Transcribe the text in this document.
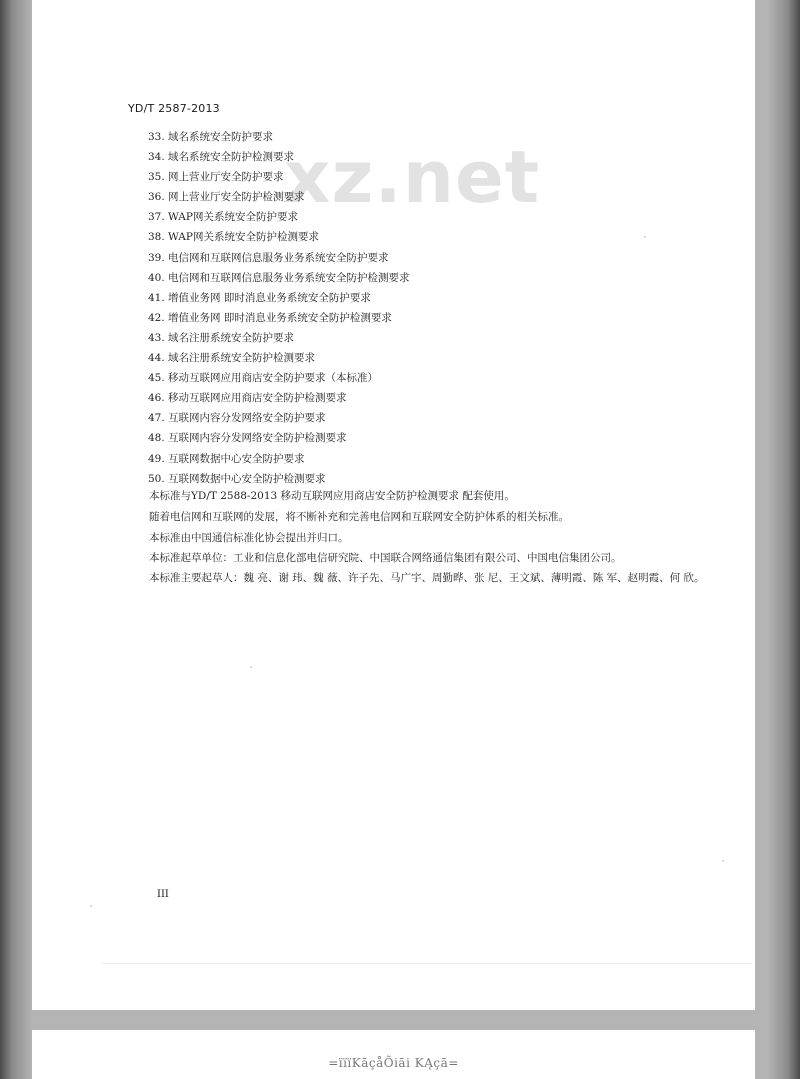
xz.net
YD/T 2587-2013
33. 域名系统安全防护要求
34. 域名系统安全防护检测要求
35. 网上营业厅安全防护要求
36. 网上营业厅安全防护检测要求
37. WAP网关系统安全防护要求
38. WAP网关系统安全防护检测要求
39. 电信网和互联网信息服务业务系统安全防护要求
40. 电信网和互联网信息服务业务系统安全防护检测要求
41. 增值业务网 即时消息业务系统安全防护要求
42. 增值业务网 即时消息业务系统安全防护检测要求
43. 域名注册系统安全防护要求
44. 域名注册系统安全防护检测要求
45. 移动互联网应用商店安全防护要求（本标准）
46. 移动互联网应用商店安全防护检测要求
47. 互联网内容分发网络安全防护要求
48. 互联网内容分发网络安全防护检测要求
49. 互联网数据中心安全防护要求
50. 互联网数据中心安全防护检测要求

本标准与YD/T 2588-2013 移动互联网应用商店安全防护检测要求 配套使用。

随着电信网和互联网的发展，将不断补充和完善电信网和互联网安全防护体系的相关标准。

本标准由中国通信标准化协会提出并归口。

本标准起草单位：工业和信息化部电信研究院、中国联合网络通信集团有限公司、中国电信集团公司。

本标准主要起草人：魏 亮、谢 玮、魏 薇、许子先、马广宇、周勤晔、张 尼、王文斌、薄明霞、陈 军、赵明霞、何 欣。

III
=ïïïKāçåÕiāi KĄçā=
